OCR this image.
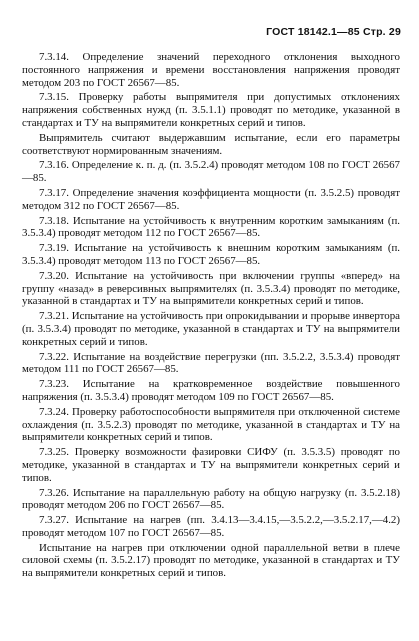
ГОСТ 18142.1—85 Стр. 29

7.3.14. Определение значений переходного отклонения выходного постоянного напряжения и времени восстановления напряжения проводят методом 203 по ГОСТ 26567—85.

7.3.15. Проверку работы выпрямителя при допустимых отклонениях напряжения собственных нужд (п. 3.5.1.1) проводят по методике, указанной в стандартах и ТУ на выпрямители конкретных серий и типов.

Выпрямитель считают выдержавшим испытание, если его параметры соответствуют нормированным значениям.

7.3.16. Определение к. п. д. (п. 3.5.2.4) проводят методом 108 по ГОСТ 26567—85.

7.3.17. Определение значения коэффициента мощности (п. 3.5.2.5) проводят методом 312 по ГОСТ 26567—85.

7.3.18. Испытание на устойчивость к внутренним коротким замыканиям (п. 3.5.3.4) проводят методом 112 по ГОСТ 26567—85.

7.3.19. Испытание на устойчивость к внешним коротким замыканиям (п. 3.5.3.4) проводят методом 113 по ГОСТ 26567—85.

7.3.20. Испытание на устойчивость при включении группы «вперед» на группу «назад» в реверсивных выпрямителях (п. 3.5.3.4) проводят по методике, указанной в стандартах и ТУ на выпрямители конкретных серий и типов.

7.3.21. Испытание на устойчивость при опрокидывании и прорыве инвертора (п. 3.5.3.4) проводят по методике, указанной в стандартах и ТУ на выпрямители конкретных серий и типов.

7.3.22. Испытание на воздействие перегрузки (пп. 3.5.2.2, 3.5.3.4) проводят методом 111 по ГОСТ 26567—85.

7.3.23. Испытание на кратковременное воздействие повышенного напряжения (п. 3.5.3.4) проводят методом 109 по ГОСТ 26567—85.

7.3.24. Проверку работоспособности выпрямителя при отключенной системе охлаждения (п. 3.5.2.3) проводят по методике, указанной в стандартах и ТУ на выпрямители конкретных серий и типов.

7.3.25. Проверку возможности фазировки СИФУ (п. 3.5.3.5) проводят по методике, указанной в стандартах и ТУ на выпрямители конкретных серий и типов.

7.3.26. Испытание на параллельную работу на общую нагрузку (п. 3.5.2.18) проводят методом 206 по ГОСТ 26567—85.

7.3.27. Испытание на нагрев (пп. 3.4.13—3.4.15,—3.5.2.2,—3.5.2.17,—4.2) проводят методом 107 по ГОСТ 26567—85.

Испытание на нагрев при отключении одной параллельной ветви в плече силовой схемы (п. 3.5.2.17) проводят по методике, указанной в стандартах и ТУ на выпрямители конкретных серий и типов.
